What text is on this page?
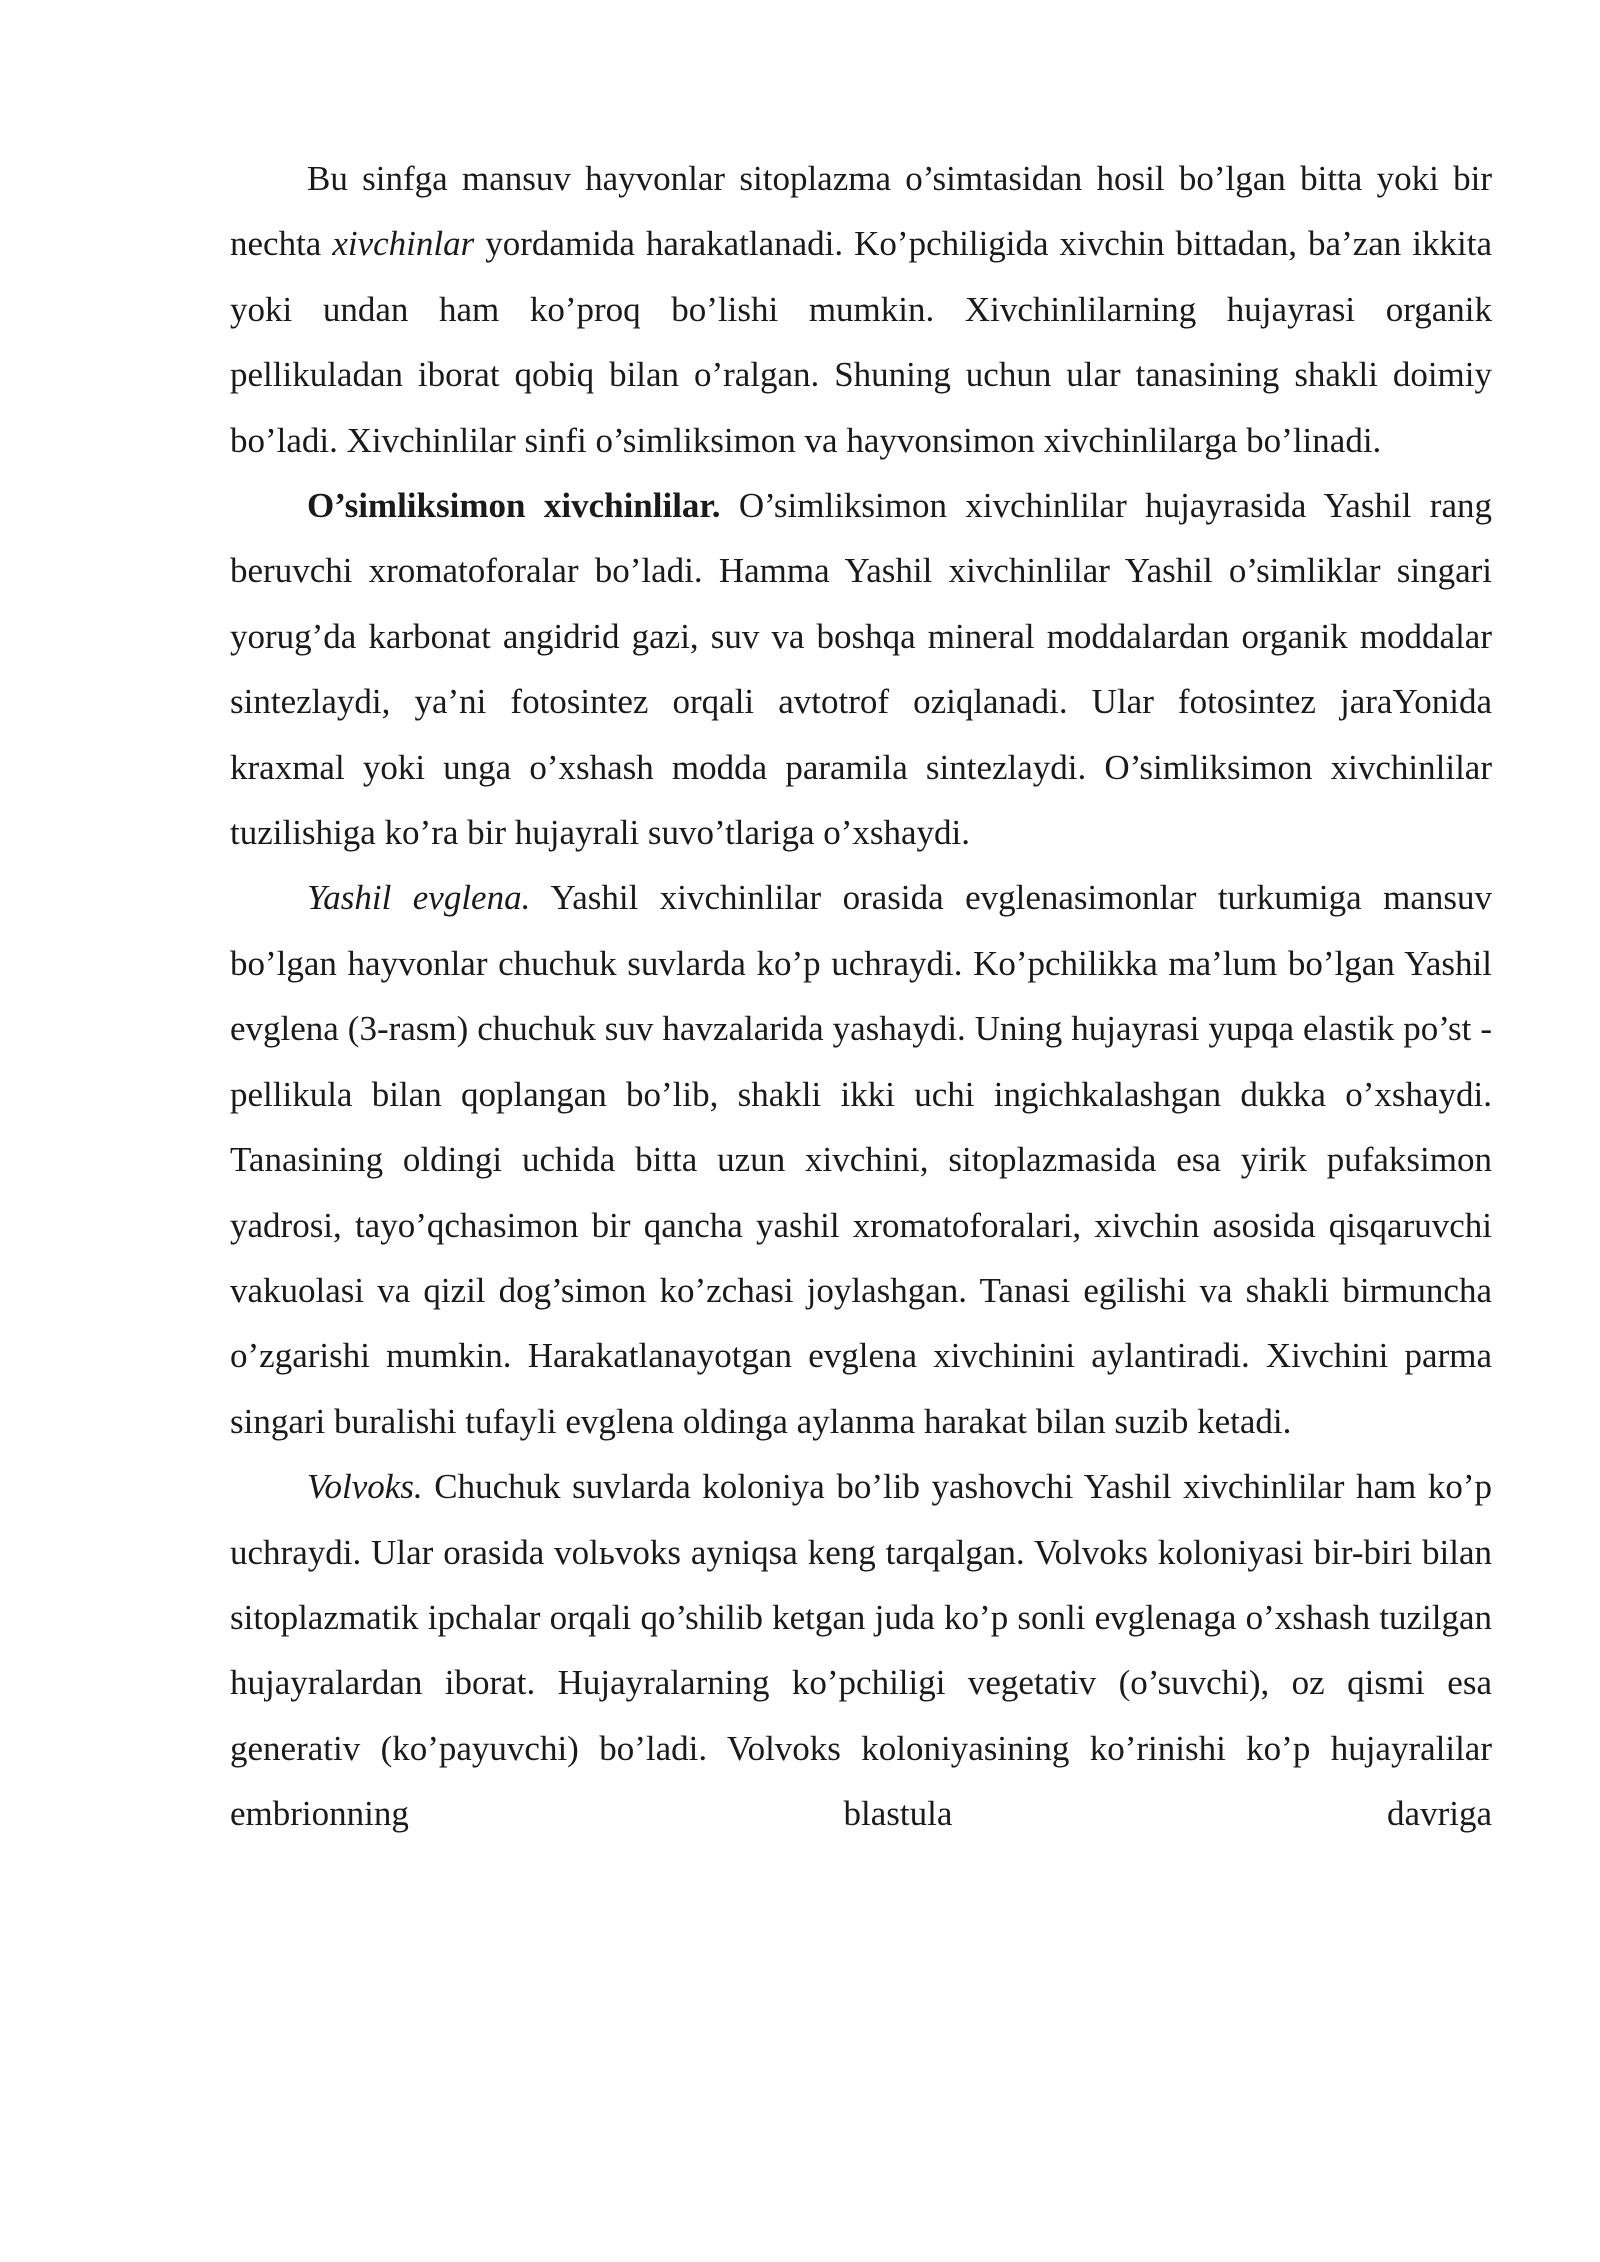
Bu sinfga mansuv hayvonlar sitoplazma o’simtasidan hosil bo’lgan bitta yoki bir nechta xivchinlar yordamida harakatlanadi. Ko’pchiligida xivchin bittadan, ba’zan ikkita yoki undan ham ko’proq bo’lishi mumkin. Xivchinlilarning hujayrasi organik pellikuladan iborat qobiq bilan o’ralgan. Shuning uchun ular tanasining shakli doimiy bo’ladi. Xivchinlilar sinfi o’simliksimon va hayvonsimon xivchinlilarga bo’linadi.

O’simliksimon xivchinlilar. O’simliksimon xivchinlilar hujayrasida Yashil rang beruvchi xromatoforalar bo’ladi. Hamma Yashil xivchinlilar Yashil o’simliklar singari yorug’da karbonat angidrid gazi, suv va boshqa mineral moddalardan organik moddalar sintezlaydi, ya’ni fotosintez orqali avtotrof oziqlanadi. Ular fotosintez jaraYonida kraxmal yoki unga o’xshash modda paramila sintezlaydi. O’simliksimon xivchinlilar tuzilishiga ko’ra bir hujayrali suvo’tlariga o’xshaydi.

Yashil evglena. Yashil xivchinlilar orasida evglenasimonlar turkumiga mansuv bo’lgan hayvonlar chuchuk suvlarda ko’p uchraydi. Ko’pchilikka ma’lum bo’lgan Yashil evglena (3-rasm) chuchuk suv havzalarida yashaydi. Uning hujayrasi yupqa elastik po’st - pellikula bilan qoplangan bo’lib, shakli ikki uchi ingichkalashgan dukka o’xshaydi. Tanasining oldingi uchida bitta uzun xivchini, sitoplazmasida esa yirik pufaksimon yadrosi, tayo’qchasimon bir qancha yashil xromatoforalari, xivchin asosida qisqaruvchi vakuolasi va qizil dog’simon ko’zchasi joylashgan. Tanasi egilishi va shakli birmuncha o’zgarishi mumkin. Harakatlanayotgan evglena xivchinini aylantiradi. Xivchini parma singari buralishi tufayli evglena oldinga aylanma harakat bilan suzib ketadi.

Volvoks. Chuchuk suvlarda koloniya bo’lib yashovchi Yashil xivchinlilar ham ko’p uchraydi. Ular orasida volьvoks ayniqsa keng tarqalgan. Volvoks koloniyasi bir-biri bilan sitoplazmatik ipchalar orqali qo’shilib ketgan juda ko’p sonli evglenaga o’xshash tuzilgan hujayralardan iborat. Hujayralarning ko’pchiligi vegetativ (o’suvchi), oz qismi esa generativ (ko’payuvchi) bo’ladi. Volvoks koloniyasining ko’rinishi ko’p hujayralilar embrionning blastula davriga
